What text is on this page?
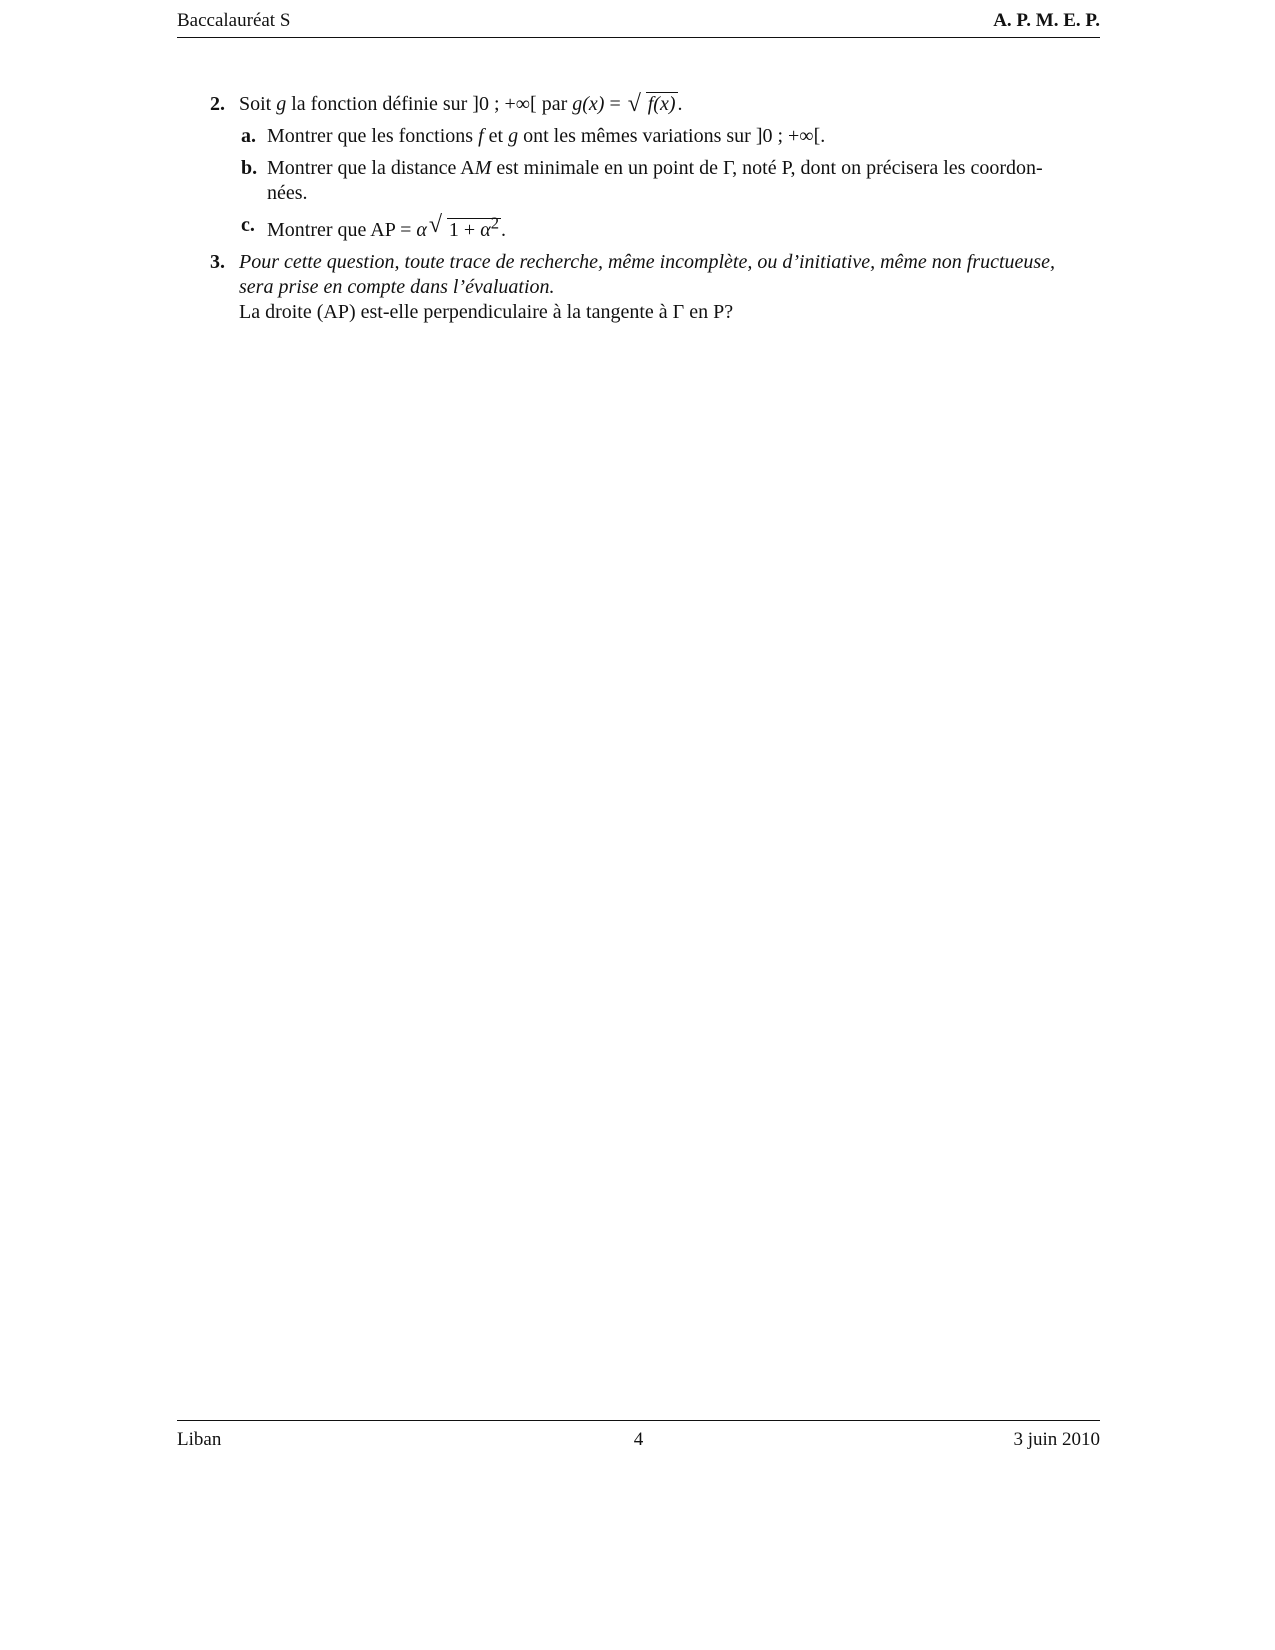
Baccalauréat S	A. P. M. E. P.
2. Soit g la fonction définie sur ]0 ; +∞[ par g(x) = √ f(x) .
a. Montrer que les fonctions f et g ont les mêmes variations sur ]0 ; +∞[.
b. Montrer que la distance AM est minimale en un point de Γ, noté P, dont on précisera les coordon-
nées.
c. Montrer que AP = α √ $1 + \alpha^2$ .
3. Pour cette question, toute trace de recherche, même incomplète, ou d’initiative, même non fructueuse,
sera prise en compte dans l’évaluation.
La droite (AP) est-elle perpendiculaire à la tangente à Γ en P?
Liban	4	3 juin 2010
